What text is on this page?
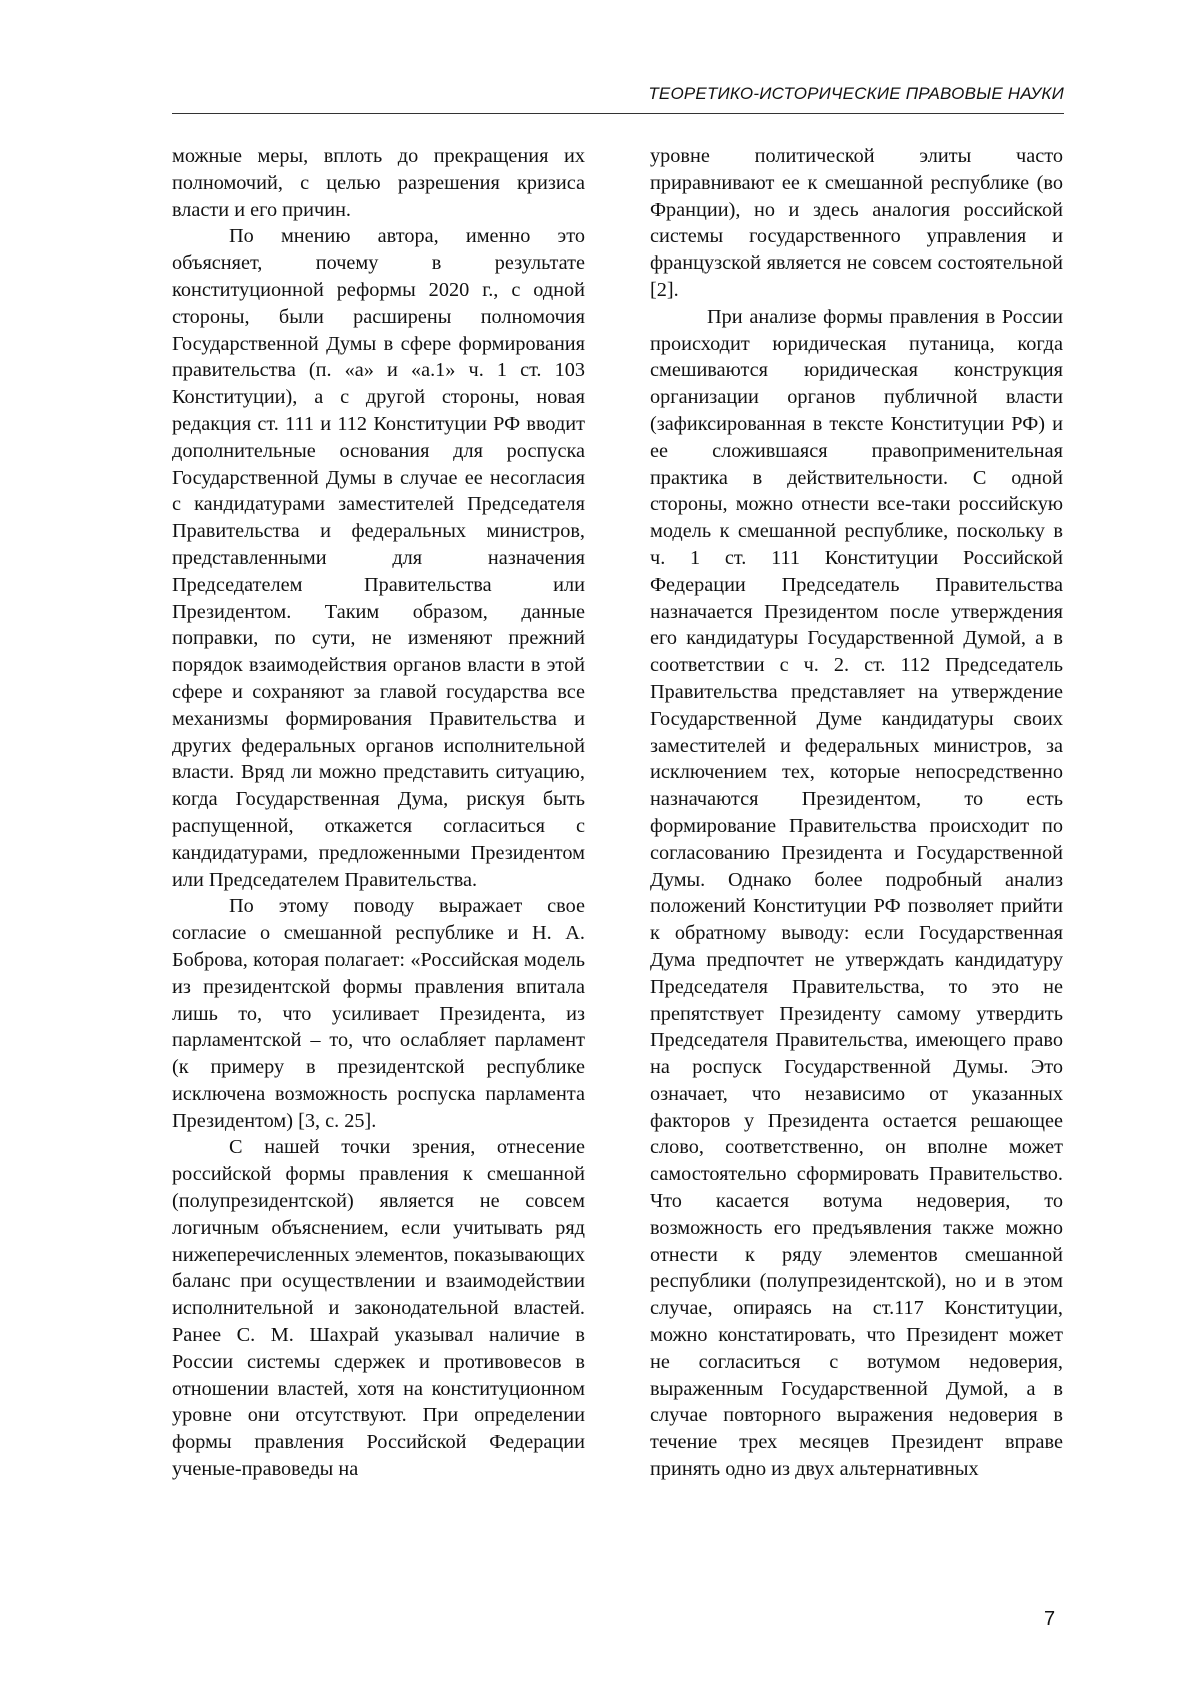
ТЕОРЕТИКО-ИСТОРИЧЕСКИЕ ПРАВОВЫЕ НАУКИ

можные меры, вплоть до прекращения их полномочий, с целью разрешения кризиса власти и его причин.

По мнению автора, именно это объясняет, почему в результате конституционной реформы 2020 г., с одной стороны, были расширены полномочия Государственной Думы в сфере формирования правительства (п. «а» и «а.1» ч. 1 ст. 103 Конституции), а с другой стороны, новая редакция ст. 111 и 112 Конституции РФ вводит дополнительные основания для роспуска Государственной Думы в случае ее несогласия с кандидатурами заместителей Председателя Правительства и федеральных министров, представленными для назначения Председателем Правительства или Президентом. Таким образом, данные поправки, по сути, не изменяют прежний порядок взаимодействия органов власти в этой сфере и сохраняют за главой государства все механизмы формирования Правительства и других федеральных органов исполнительной власти. Вряд ли можно представить ситуацию, когда Государственная Дума, рискуя быть распущенной, откажется согласиться с кандидатурами, предложенными Президентом или Председателем Правительства.

По этому поводу выражает свое согласие о смешанной республике и Н. А. Боброва, которая полагает: «Российская модель из президентской формы правления впитала лишь то, что усиливает Президента, из парламентской – то, что ослабляет парламент (к примеру в президентской республике исключена возможность роспуска парламента Президентом) [3, с. 25].

С нашей точки зрения, отнесение российской формы правления к смешанной (полупрезидентской) является не совсем логичным объяснением, если учитывать ряд нижеперечисленных элементов, показывающих баланс при осуществлении и взаимодействии исполнительной и законодательной властей. Ранее С. М. Шахрай указывал наличие в России системы сдержек и противовесов в отношении властей, хотя на конституционном уровне они отсутствуют. При определении формы правления Российской Федерации ученые-правоведы на

уровне политической элиты часто приравнивают ее к смешанной республике (во Франции), но и здесь аналогия российской системы государственного управления и французской является не совсем состоятельной [2].

При анализе формы правления в России происходит юридическая путаница, когда смешиваются юридическая конструкция организации органов публичной власти (зафиксированная в тексте Конституции РФ) и ее сложившаяся правоприменительная практика в действительности. С одной стороны, можно отнести все-таки российскую модель к смешанной республике, поскольку в ч. 1 ст. 111 Конституции Российской Федерации Председатель Правительства назначается Президентом после утверждения его кандидатуры Государственной Думой, а в соответствии с ч. 2. ст. 112 Председатель Правительства представляет на утверждение Государственной Думе кандидатуры своих заместителей и федеральных министров, за исключением тех, которые непосредственно назначаются Президентом, то есть формирование Правительства происходит по согласованию Президента и Государственной Думы. Однако более подробный анализ положений Конституции РФ позволяет прийти к обратному выводу: если Государственная Дума предпочтет не утверждать кандидатуру Председателя Правительства, то это не препятствует Президенту самому утвердить Председателя Правительства, имеющего право на роспуск Государственной Думы. Это означает, что независимо от указанных факторов у Президента остается решающее слово, соответственно, он вполне может самостоятельно сформировать Правительство. Что касается вотума недоверия, то возможность его предъявления также можно отнести к ряду элементов смешанной республики (полупрезидентской), но и в этом случае, опираясь на ст.117 Конституции, можно констатировать, что Президент может не согласиться с вотумом недоверия, выраженным Государственной Думой, а в случае повторного выражения недоверия в течение трех месяцев Президент вправе принять одно из двух альтернативных

7
